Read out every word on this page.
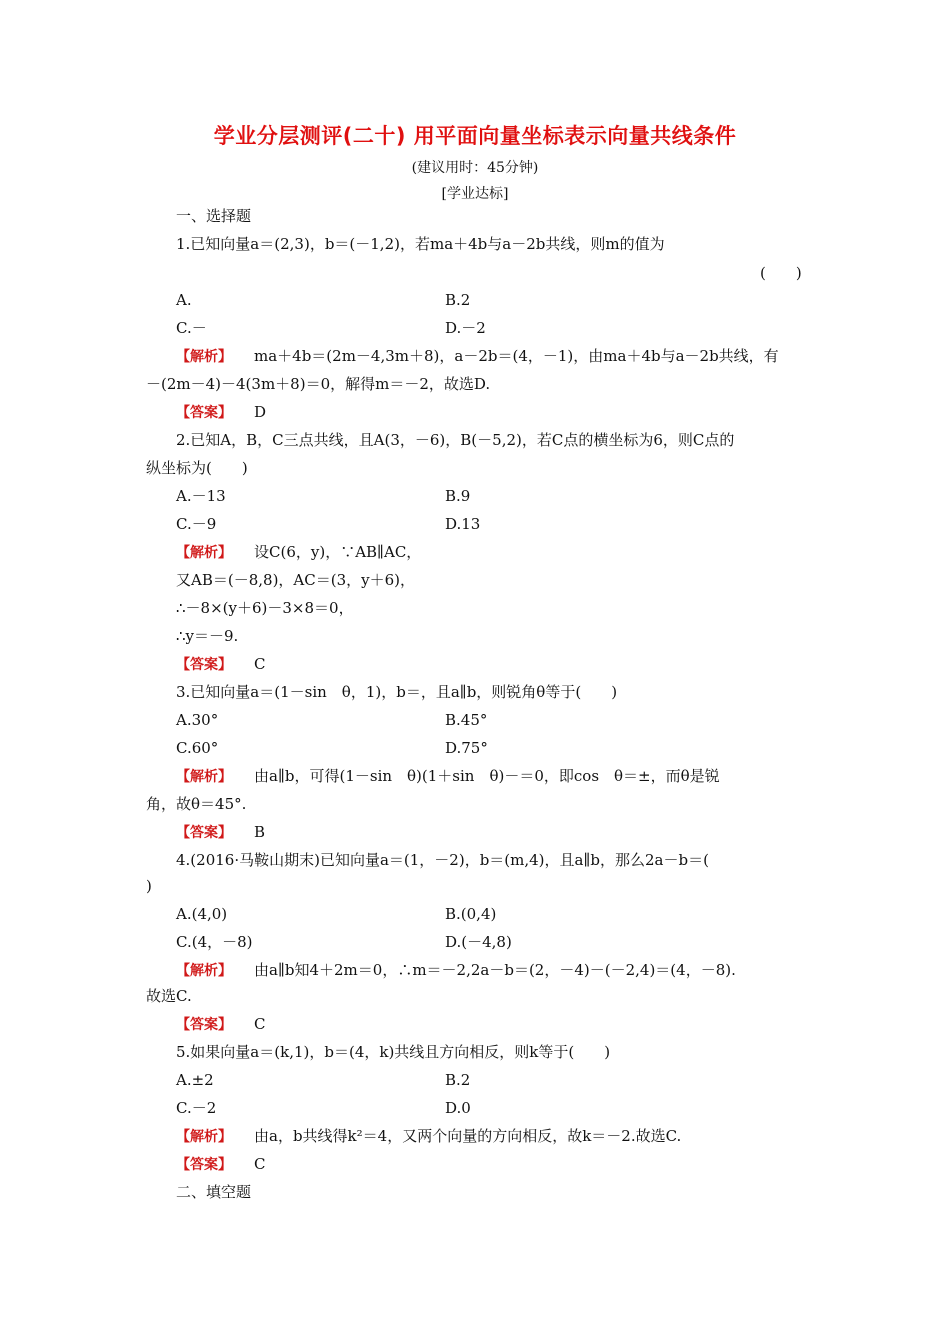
学业分层测评(二十) 用平面向量坐标表示向量共线条件
(建议用时：45分钟)
[学业达标]
一、选择题
1.已知向量a＝(2,3)，b＝(－1,2)，若ma＋4b与a－2b共线，则m的值为
(　　)
A.	B.2
C.－	D.－2
【解析】 ma＋4b＝(2m－4,3m＋8)，a－2b＝(4，－1)，由ma＋4b与a－2b共线，有
－(2m－4)－4(3m＋8)＝0，解得m＝－2，故选D.
【答案】 D
2.已知A，B，C三点共线，且A(3，－6)，B(－5,2)，若C点的横坐标为6，则C点的
纵坐标为(　　)
A.－13	B.9
C.－9	D.13
【解析】 设C(6，y)，∵AB∥AC，
又AB＝(－8,8)，AC＝(3，y＋6)，
∴－8×(y＋6)－3×8＝0，
∴y＝－9.
【答案】 C
3.已知向量a＝(1－sin　θ，1)，b＝，且a∥b，则锐角θ等于(　　)
A.30°	B.45°
C.60°	D.75°
【解析】 由a∥b，可得(1－sin　θ)(1＋sin　θ)－＝0，即cos　θ＝±，而θ是锐
角，故θ＝45°.
【答案】 B
4.(2016·马鞍山期末)已知向量a＝(1，－2)，b＝(m,4)，且a∥b，那么2a－b＝(
)
A.(4,0)	B.(0,4)
C.(4，－8)	D.(－4,8)
【解析】 由a∥b知4＋2m＝0，∴m＝－2,2a－b＝(2，－4)－(－2,4)＝(4，－8).
故选C.
【答案】 C
5.如果向量a＝(k,1)，b＝(4，k)共线且方向相反，则k等于(　　)
A.±2	B.2
C.－2	D.0
【解析】 由a，b共线得k²＝4，又两个向量的方向相反，故k＝－2.故选C.
【答案】 C
二、填空题
